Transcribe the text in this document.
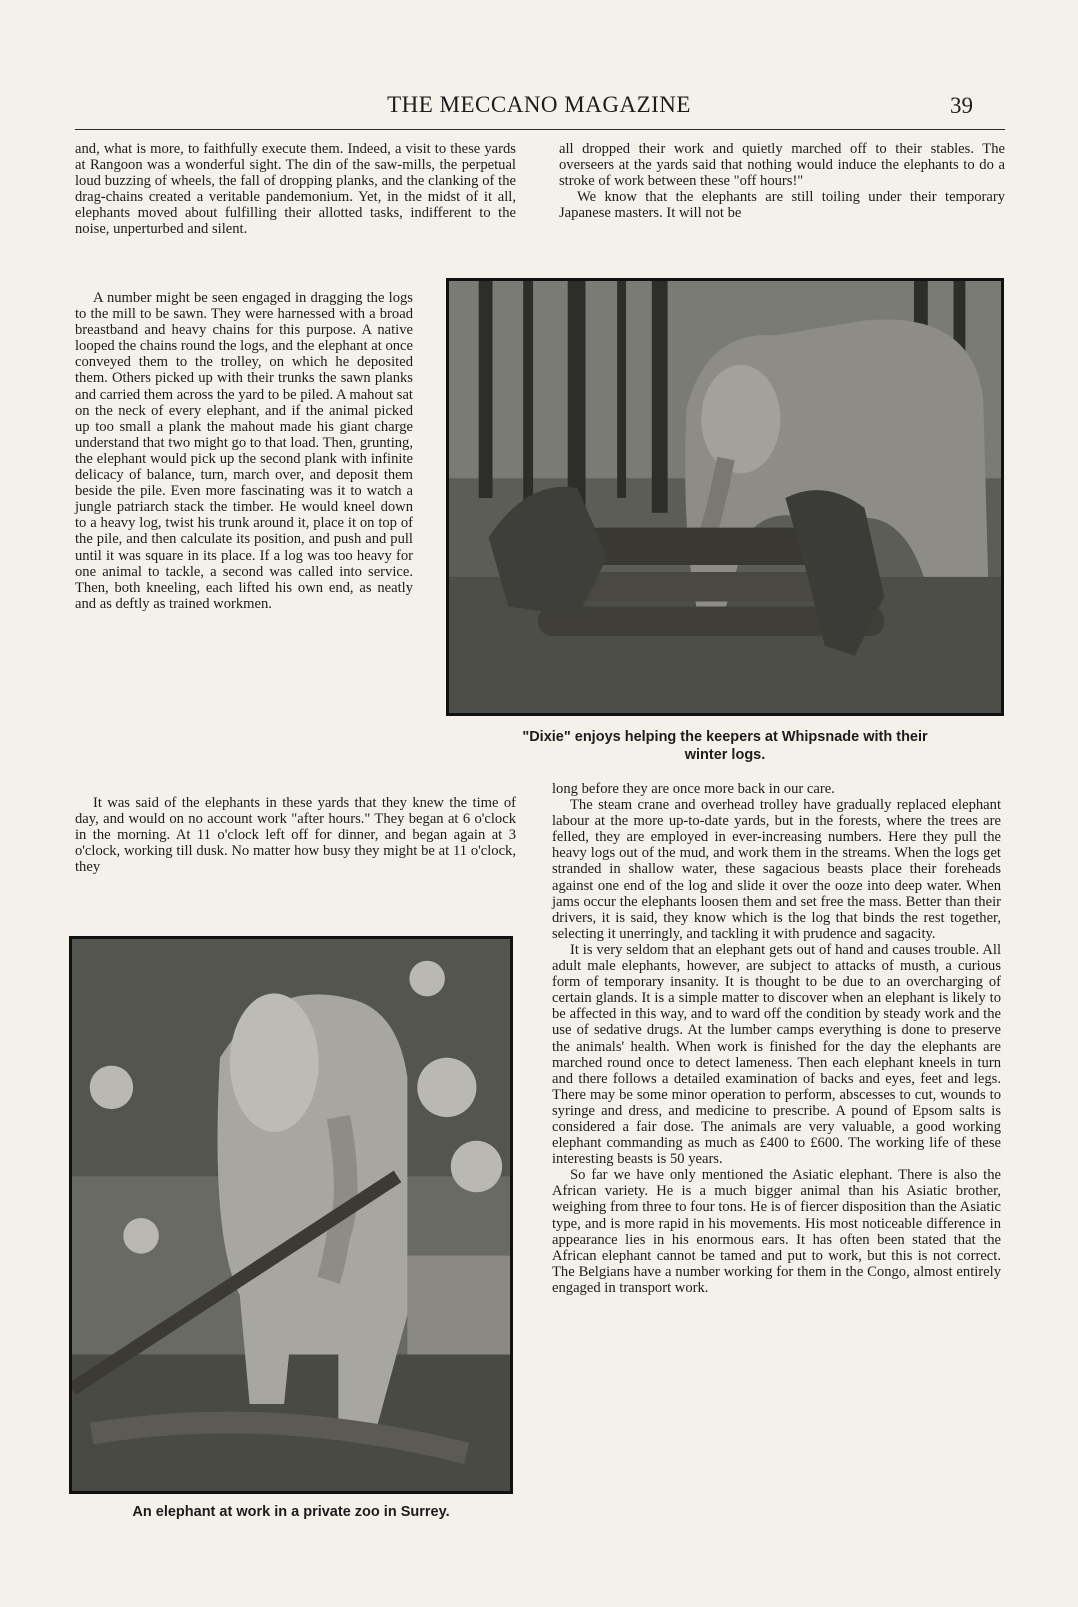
THE MECCANO MAGAZINE	39

and, what is more, to faithfully execute them. Indeed, a visit to these yards at Rangoon was a wonderful sight. The din of the saw-mills, the perpetual loud buzzing of wheels, the fall of dropping planks, and the clanking of the drag-chains created a veritable pandemonium. Yet, in the midst of it all, elephants moved about fulfilling their allotted tasks, indifferent to the noise, unperturbed and silent.

A number might be seen engaged in dragging the logs to the mill to be sawn. They were harnessed with a broad breastband and heavy chains for this purpose. A native looped the chains round the logs, and the elephant at once conveyed them to the trolley, on which he deposited them. Others picked up with their trunks the sawn planks and carried them across the yard to be piled. A mahout sat on the neck of every elephant, and if the animal picked up too small a plank the mahout made his giant charge understand that two might go to that load. Then, grunting, the elephant would pick up the second plank with infinite delicacy of balance, turn, march over, and deposit them beside the pile. Even more fascinating was it to watch a jungle patriarch stack the timber. He would kneel down to a heavy log, twist his trunk around it, place it on top of the pile, and then calculate its position, and push and pull until it was square in its place. If a log was too heavy for one animal to tackle, a second was called into service. Then, both kneeling, each lifted his own end, as neatly and as deftly as trained workmen.

It was said of the elephants in these yards that they knew the time of day, and would on no account work "after hours." They began at 6 o'clock in the morning. At 11 o'clock left off for dinner, and began again at 3 o'clock, working till dusk. No matter how busy they might be at 11 o'clock, they

all dropped their work and quietly marched off to their stables. The overseers at the yards said that nothing would induce the elephants to do a stroke of work between these "off hours!"

We know that the elephants are still toiling under their temporary Japanese masters. It will not be

"Dixie" enjoys helping the keepers at Whipsnade with their
winter logs.

long before they are once more back in our care.

The steam crane and overhead trolley have gradually replaced elephant labour at the more up-to-date yards, but in the forests, where the trees are felled, they are employed in ever-increasing numbers. Here they pull the heavy logs out of the mud, and work them in the streams. When the logs get stranded in shallow water, these sagacious beasts place their foreheads against one end of the log and slide it over the ooze into deep water. When jams occur the elephants loosen them and set free the mass. Better than their drivers, it is said, they know which is the log that binds the rest together, selecting it unerringly, and tackling it with prudence and sagacity.

It is very seldom that an elephant gets out of hand and causes trouble. All adult male elephants, however, are subject to attacks of musth, a curious form of temporary insanity. It is thought to be due to an overcharging of certain glands. It is a simple matter to discover when an elephant is likely to be affected in this way, and to ward off the condition by steady work and the use of sedative drugs. At the lumber camps everything is done to preserve the animals' health. When work is finished for the day the elephants are marched round once to detect lameness. Then each elephant kneels in turn and there follows a detailed examination of backs and eyes, feet and legs. There may be some minor operation to perform, abscesses to cut, wounds to syringe and dress, and medicine to prescribe. A pound of Epsom salts is considered a fair dose. The animals are very valuable, a good working elephant commanding as much as £400 to £600. The working life of these interesting beasts is 50 years.

So far we have only mentioned the Asiatic elephant. There is also the African variety. He is a much bigger animal than his Asiatic brother, weighing from three to four tons. He is of fiercer disposition than the Asiatic type, and is more rapid in his movements. His most noticeable difference in appearance lies in his enormous ears. It has often been stated that the African elephant cannot be tamed and put to work, but this is not correct. The Belgians have a number working for them in the Congo, almost entirely engaged in transport work.

An elephant at work in a private zoo in Surrey.
